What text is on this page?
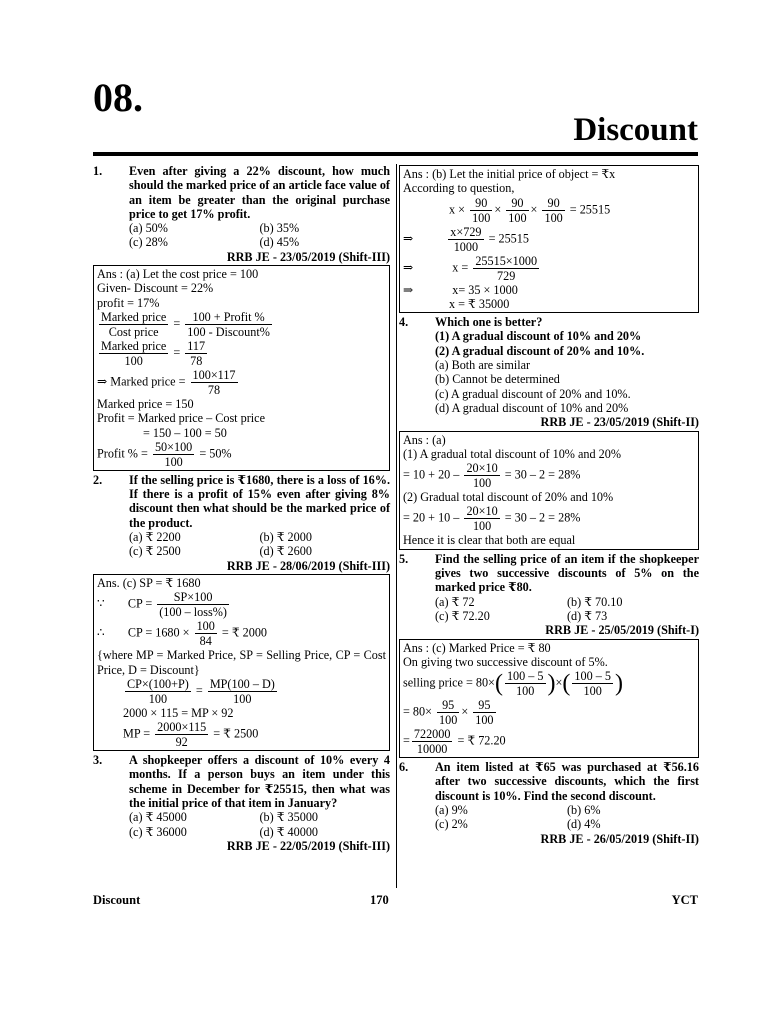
08.
Discount
1. Even after giving a 22% discount, how much should the marked price of an article face value of an item be greater than the original purchase price to get 17% profit.
(a) 50%	(b) 35%
(c) 28%	(d) 45%
RRB JE - 23/05/2019 (Shift-III)
Ans : (a) Let the cost price = 100
Given- Discount = 22%
profit = 17%
Marked price
Cost price
= 100 + Profit %
100 - Discount%
Marked price
100
= $\frac{117}{78}$
⇒ Marked price = $\frac{100\times 117}{78}$
Marked price = 150
Profit = Marked price – Cost price
= 150 – 100 = 50
Profit % = $\frac{50\times 100}{100} = 50\%$
2. If the selling price is ₹1680, there is a loss of 16%. If there is a profit of 15% even after giving 8% discount then what should be the marked price of the product.
(a) ₹ 2200	(b) ₹ 2000
(c) ₹ 2500	(d) ₹ 2600
RRB JE - 28/06/2019 (Shift-III)
Ans. (c) SP = ₹ 1680
∵ CP =	SP×100
(100 – loss%)
∴ CP = $1680 \times \frac{100}{84}$ = ₹ 2000
{where MP = Marked Price, SP = Selling Price, CP = Cost Price, D = Discount}
$\frac{CP\times(100+P)}{100} = \frac{MP(100 - D)}{100}$
2000 × 115 = MP × 92
MP = $\frac{2000\times 115}{92}$ = ₹ 2500
3. A shopkeeper offers a discount of 10% every 4 months. If a person buys an item under this scheme in December for ₹25515, then what was the initial price of that item in January?
(a) ₹ 45000	(b) ₹ 35000
(c) ₹ 36000	(d) ₹ 40000
RRB JE - 22/05/2019 (Shift-III)
Ans : (b) Let the initial price of object = ₹x
According to question,
$x \times \frac{90}{100} \times \frac{90}{100} \times \frac{90}{100} = 25515$
⇒	$\frac{x\times 729}{1000} = 25515$
⇒	$x = \frac{25515\times 1000}{729}$
⇒	x= 35 × 1000
x = ₹ 35000
4. Which one is better?
(1) A gradual discount of 10% and 20%
(2) A gradual discount of 20% and 10%.
(a) Both are similar
(b) Cannot be determined
(c) A gradual discount of 20% and 10%.
(d) A gradual discount of 10% and 20%
RRB JE - 23/05/2019 (Shift-II)
Ans : (a)
(1) A gradual total discount of 10% and 20%
= $10 + 20 - \frac{20\times 10}{100} = 30 - 2 = 28\%$
(2) Gradual total discount of 20% and 10%
= $20 + 10 - \frac{20\times 10}{100} = 30 - 2 = 28\%$
Hence it is clear that both are equal
5. Find the selling price of an item if the shopkeeper gives two successive discounts of 5% on the marked price ₹80.
(a) ₹ 72	(b) ₹ 70.10
(c) ₹ 72.20	(d) ₹ 73
RRB JE - 25/05/2019 (Shift-I)
Ans : (c) Marked Price = ₹ 80
On giving two successive discount of 5%.
selling price = $80\times( \frac{100 - 5}{100}$ )×( $\frac{100 - 5}{100}$ )
= $80\times \frac{95}{100} \times \frac{95}{100}$
= $\frac{722000}{10000}$ = ₹ 72.20
6. An item listed at ₹65 was purchased at ₹56.16 after two successive discounts, which the first discount is 10%. Find the second discount.
(a) 9%	(b) 6%
(c) 2%	(d) 4%
RRB JE - 26/05/2019 (Shift-II)
Discount	170	YCT
